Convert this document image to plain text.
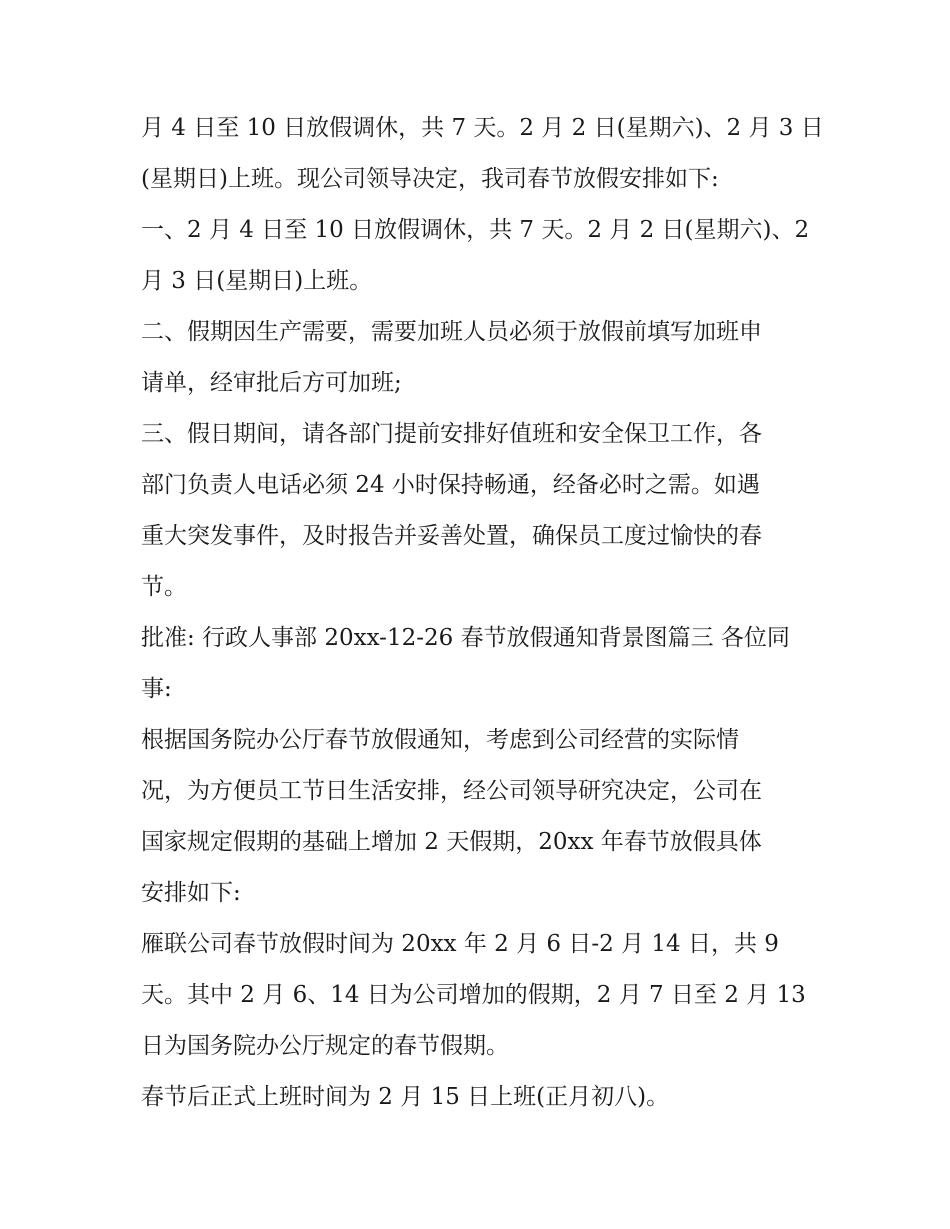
月 4 日至 10 日放假调休，共 7 天。2 月 2 日(星期六)、2 月 3 日
(星期日)上班。现公司领导决定，我司春节放假安排如下:
一、2 月 4 日至 10 日放假调休，共 7 天。2 月 2 日(星期六)、2
月 3 日(星期日)上班。
二、假期因生产需要，需要加班人员必须于放假前填写加班申
请单，经审批后方可加班;
三、假日期间，请各部门提前安排好值班和安全保卫工作，各
部门负责人电话必须 24 小时保持畅通，经备必时之需。如遇
重大突发事件，及时报告并妥善处置，确保员工度过愉快的春
节。
批准: 行政人事部 20xx-12-26 春节放假通知背景图篇三 各位同
事:
根据国务院办公厅春节放假通知，考虑到公司经营的实际情
况，为方便员工节日生活安排，经公司领导研究决定，公司在
国家规定假期的基础上增加 2 天假期，20xx 年春节放假具体
安排如下:
雁联公司春节放假时间为 20xx 年 2 月 6 日-2 月 14 日，共 9
天。其中 2 月 6、14 日为公司增加的假期，2 月 7 日至 2 月 13
日为国务院办公厅规定的春节假期。
春节后正式上班时间为 2 月 15 日上班(正月初八)。
